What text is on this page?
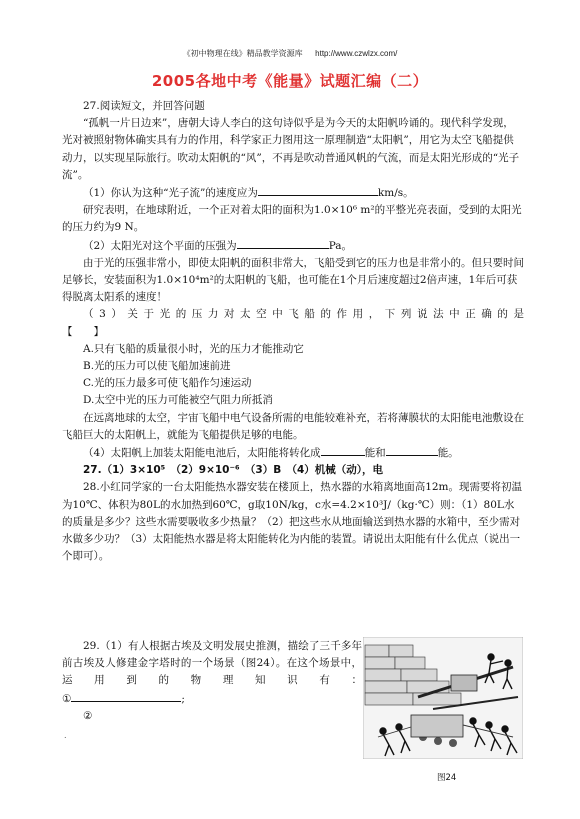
《初中物理在线》精品教学资源库 http://www.czwlzx.com/
2005各地中考《能量》试题汇编（二）

27.阅读短文，并回答问题

“孤帆一片日边来”，唐朝大诗人李白的这句诗似乎是为今天的太阳帆吟诵的。现代科学发现，光对被照射物体确实具有力的作用，科学家正力图用这一原理制造“太阳帆”，用它为太空飞船提供动力，以实现星际旅行。吹动太阳帆的“风”，不再是吹动普通风帆的气流，而是太阳光形成的“光子流”。

（1）你认为这种“光子流”的速度应为	km/s。

研究表明，在地球附近，一个正对着太阳的面积为1.0×10⁶ m²的平整光亮表面，受到的太阳光的压力约为9 N。

（2）太阳光对这个平面的压强为	Pa。

由于光的压强非常小，即使太阳帆的面积非常大，飞船受到它的压力也是非常小的。但只要时间足够长，安装面积为1.0×10⁴m²的太阳帆的飞船，也可能在1个月后速度超过2倍声速，1年后可获得脱离太阳系的速度！

（3）关于光的压力对太空中飞船的作用，下列说法中正确的是

【　　】

A.只有飞船的质量很小时，光的压力才能推动它

B.光的压力可以使飞船加速前进

C.光的压力最多可使飞船作匀速运动

D.太空中光的压力可能被空气阻力所抵消

在远离地球的太空，宇宙飞船中电气设备所需的电能较难补充，若将薄膜状的太阳能电池敷设在飞船巨大的太阳帆上，就能为飞船提供足够的电能。

（4）太阳帆上加装太阳能电池后，太阳能将转化成	能和	能。

27.（1）3×10⁵　（2）9×10⁻⁶　（3）B　（4）机械（动），电

28.小红同学家的一台太阳能热水器安装在楼顶上，热水器的水箱离地面高12m。现需要将初温为10℃、体积为80L的水加热到60℃，g取10N/kg，c水=4.2×10³J/（kg·℃）则：（1）80L水的质量是多少？这些水需要吸收多少热量？（2）把这些水从地面输送到热水器的水箱中，至少需对水做多少功？（3）太阳能热水器是将太阳能转化为内能的装置。请说出太阳能有什么优点（说出一个即可）。

29.（1）有人根据古埃及文明发展史推测，描绘了三千多年前古埃及人修建金字塔时的一个场景（图24）。在这个场景中，运用到的物理知识有：

①	;

②

.
图24
